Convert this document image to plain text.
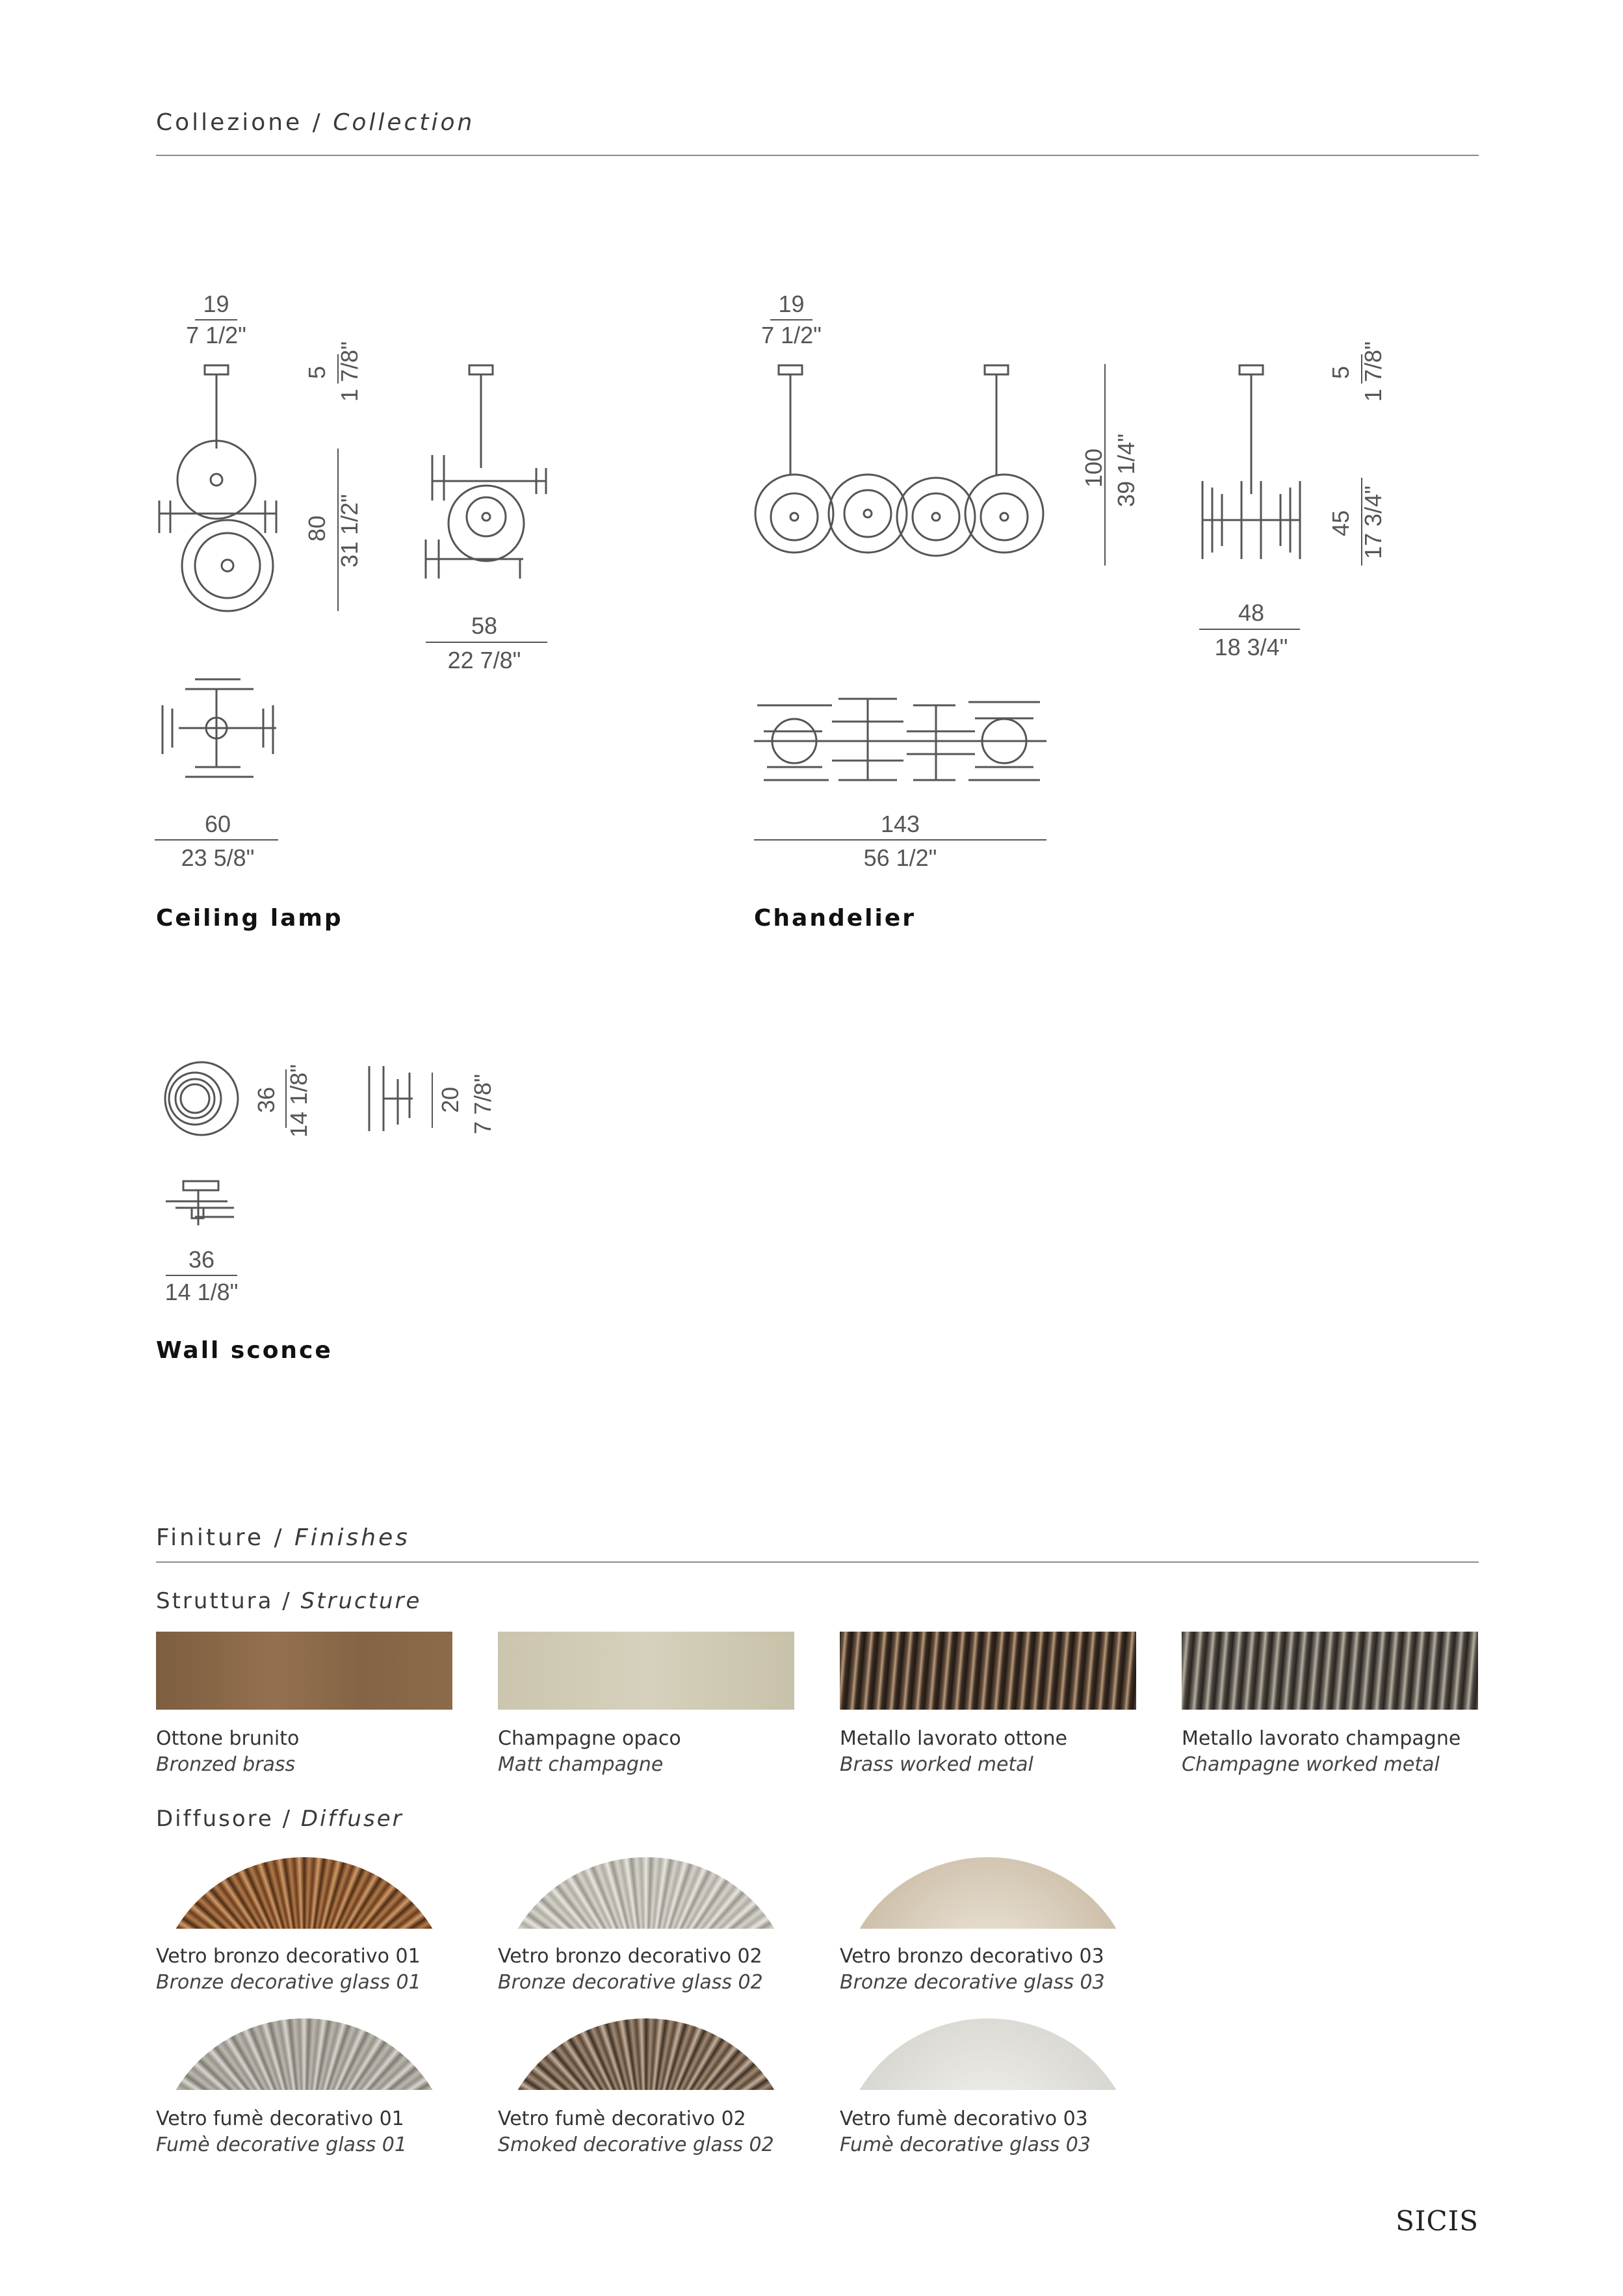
Collezione / Collection
19
7 1/2"
5 1 7/8"
80 31 1/2"
58
22 7/8"
60
23 5/8"
Ceiling lamp
19
7 1/2"
100 39 1/4"
5 1 7/8"
45 17 3/4"
48
18 3/4"
143
56 1/2"
Chandelier
36 14 1/8"	20 7 7/8"
36
14 1/8"
Wall sconce
Finiture / Finishes
Struttura / Structure
Ottone brunito
Bronzed brass
Champagne opaco
Matt champagne
Metallo lavorato ottone
Brass worked metal
Metallo lavorato champagne
Champagne worked metal
Diffusore / Diffuser
Vetro bronzo decorativo 01
Bronze decorative glass 01
Vetro bronzo decorativo 02
Bronze decorative glass 02
Vetro bronzo decorativo 03
Bronze decorative glass 03
Vetro fumè decorativo 01
Fumè decorative glass 01
Vetro fumè decorativo 02
Smoked decorative glass 02
Vetro fumè decorativo 03
Fumè decorative glass 03
SICIS
